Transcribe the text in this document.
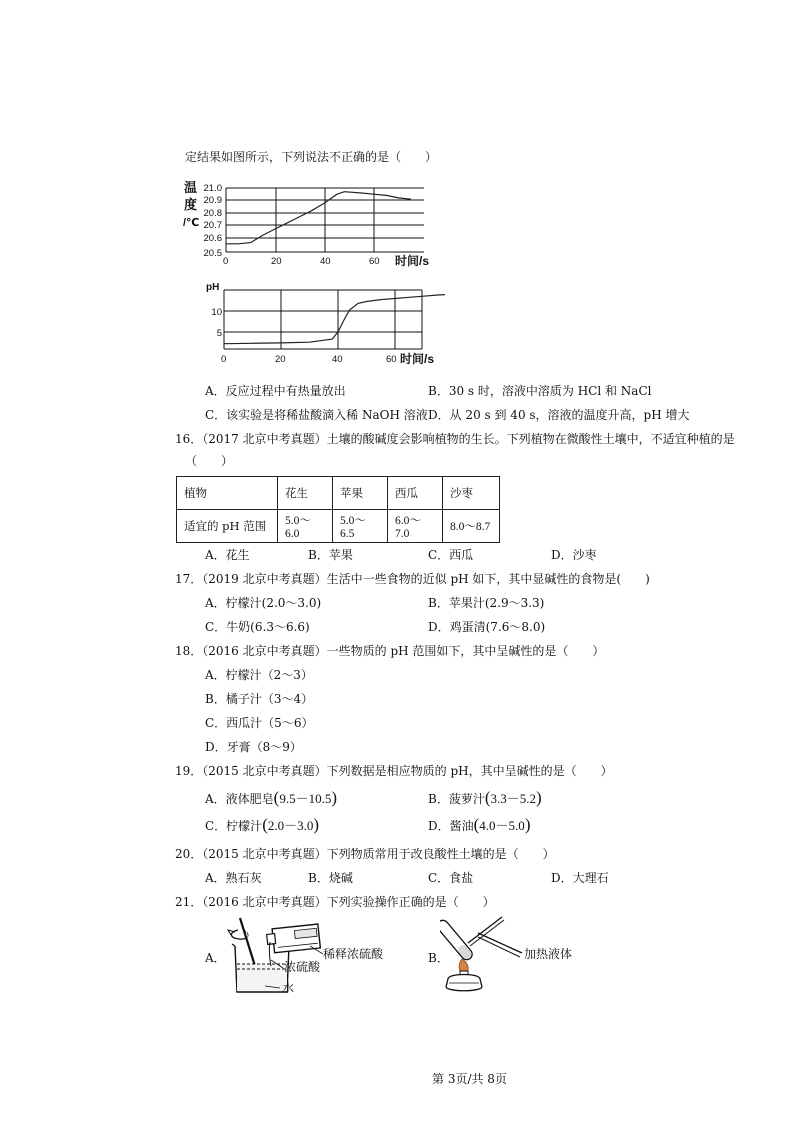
定结果如图所示，下列说法不正确的是（　　）
温
度
/℃
21.0
20.9
20.8
20.7
20.6
20.5
0	20	40	60 时间/s
pH
10
5
0	20	40	60 时间/s
A．反应过程中有热量放出	B．30 s 时，溶液中溶质为 HCl 和 NaCl
C．该实验是将稀盐酸滴入稀 NaOH 溶液 D．从 20 s 到 40 s，溶液的温度升高，pH 增大
16．（2017 北京中考真题）土壤的酸碱度会影响植物的生长。下列植物在微酸性土壤中，不适宜种植的是
（　　）
植物	花生	苹果	西瓜	沙枣
适宜的 pH 范围	5.0～6.0	5.0～6.5	6.0～7.0	8.0～8.7
A．花生	B．苹果	C．西瓜	D．沙枣
17．（2019 北京中考真题）生活中一些食物的近似 pH 如下，其中显碱性的食物是(　　)
A．柠檬汁(2.0～3.0)	B．苹果汁(2.9～3.3)
C．牛奶(6.3～6.6)	D．鸡蛋清(7.6～8.0)
18．（2016 北京中考真题）一些物质的 pH 范围如下，其中呈碱性的是（　　）
A．柠檬汁（2～3）
B．橘子汁（3～4）
C．西瓜汁（5～6）
D．牙膏（8～9）
19．（2015 北京中考真题）下列数据是相应物质的 pH，其中呈碱性的是（　　）
A．液体肥皂(9.5－10.5)	B．菠萝汁(3.3－5.2)
C．柠檬汁(2.0－3.0)	D．酱油(4.0－5.0)
20．（2015 北京中考真题）下列物质常用于改良酸性土壤的是（　　）
A．熟石灰	B．烧碱	C．食盐	D．大理石
21．（2016 北京中考真题）下列实验操作正确的是（　　）
A．	稀释浓硫酸
浓硫酸
水
B．	加热液体
第 3页/共 8页
